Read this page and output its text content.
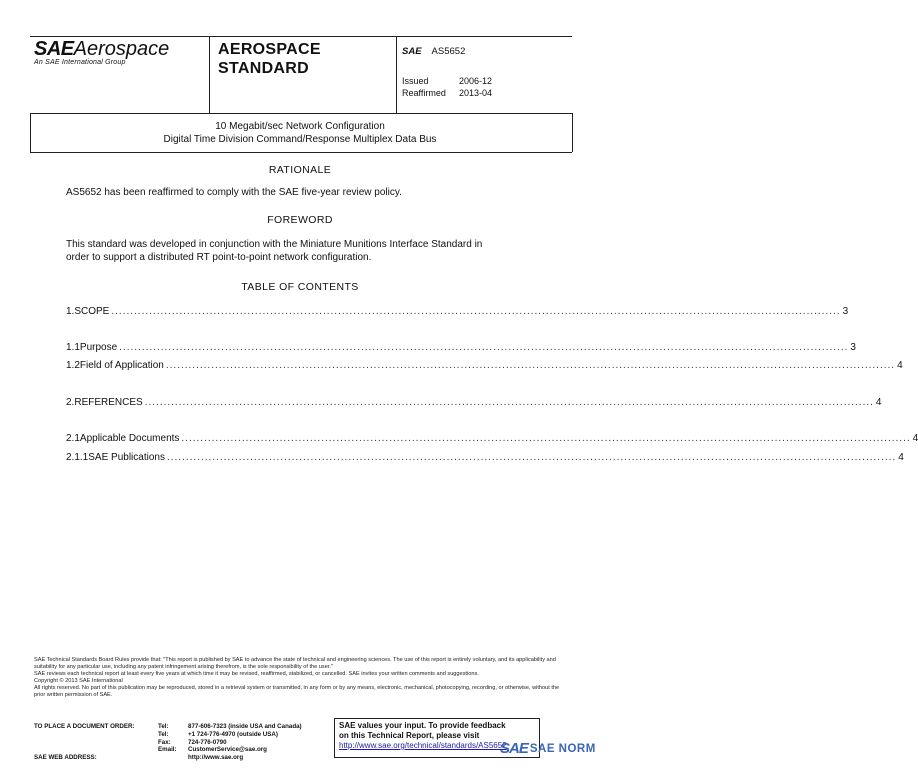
SAEAerospace
An SAE International Group
AEROSPACE
STANDARD
SAE AS5652
Issued	2006-12
Reaffirmed 2013-04
10 Megabit/sec Network Configuration
Digital Time Division Command/Response Multiplex Data Bus
RATIONALE
AS5652 has been reaffirmed to comply with the SAE five-year review policy.
FOREWORD
This standard was developed in conjunction with the Miniature Munitions Interface Standard in
order to support a distributed RT point-to-point network configuration.
TABLE OF CONTENTS
1. SCOPE ................................................................................................................................................................................................. 3
1.1 Purpose ................................................................................................................................................................................................. 3
1.2 Field of Application ................................................................................................................................................................................................. 4
2. REFERENCES ................................................................................................................................................................................................. 4
2.1 Applicable Documents ................................................................................................................................................................................................. 4
2.1.1 SAE Publications ................................................................................................................................................................................................. 4
SAE Technical Standards Board Rules provide that: "This report is published by SAE to advance the state of technical and engineering sciences. The use of this report is entirely voluntary, and its applicability and suitability for any particular use, including any patent infringement arising therefrom, is the sole responsibility of the user."
SAE reviews each technical report at least every five years at which time it may be revised, reaffirmed, stabilized, or cancelled. SAE invites your written comments and suggestions.
Copyright © 2013 SAE International
All rights reserved. No part of this publication may be reproduced, stored in a retrieval system or transmitted, in any form or by any means, electronic, mechanical, photocopying, recording, or otherwise, without the prior written permission of SAE.
TO PLACE A DOCUMENT ORDER:	Tel:	877-606-7323 (inside USA and Canada)
Tel:	+1 724-776-4970 (outside USA)
Fax:	724-776-0790
Email: CustomerService@sae.org
SAE WEB ADDRESS:	http://www.sae.org
SAE values your input. To provide feedback
on this Technical Report, please visit
http://www.sae.org/technical/standards/AS5652
SAE SAE NORM
